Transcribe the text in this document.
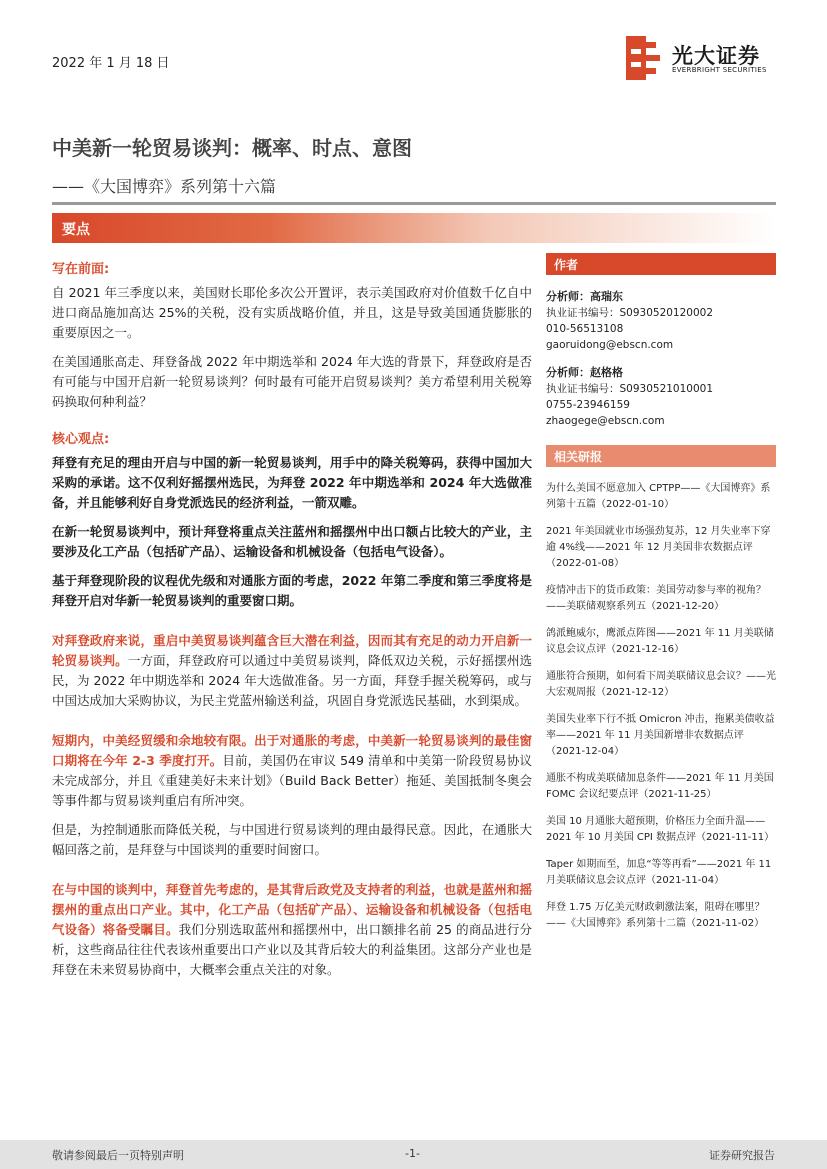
2022 年 1 月 18 日	光大证券
EVERBRIGHT SECURITIES
中美新一轮贸易谈判：概率、时点、意图
——《大国博弈》系列第十六篇
要点
写在前面:

自 2021 年三季度以来，美国财长耶伦多次公开置评，表示美国政府对价值数千亿自中进口商品施加高达 25%的关税，没有实质战略价值，并且，这是导致美国通货膨胀的重要原因之一。

在美国通胀高走、拜登备战 2022 年中期选举和 2024 年大选的背景下，拜登政府是否有可能与中国开启新一轮贸易谈判？何时最有可能开启贸易谈判？美方希望利用关税筹码换取何种利益？

核心观点:

拜登有充足的理由开启与中国的新一轮贸易谈判，用手中的降关税筹码，获得中国加大采购的承诺。这不仅利好摇摆州选民，为拜登 2022 年中期选举和 2024 年大选做准备，并且能够利好自身党派选民的经济利益，一箭双雕。

在新一轮贸易谈判中，预计拜登将重点关注蓝州和摇摆州中出口额占比较大的产业，主要涉及化工产品（包括矿产品）、运输设备和机械设备（包括电气设备）。

基于拜登现阶段的议程优先级和对通胀方面的考虑，2022 年第二季度和第三季度将是拜登开启对华新一轮贸易谈判的重要窗口期。

对拜登政府来说，重启中美贸易谈判蕴含巨大潜在利益，因而其有充足的动力开启新一轮贸易谈判。一方面，拜登政府可以通过中美贸易谈判，降低双边关税，示好摇摆州选民，为 2022 年中期选举和 2024 年大选做准备。另一方面，拜登手握关税筹码，或与中国达成加大采购协议，为民主党蓝州输送利益，巩固自身党派选民基础，水到渠成。

短期内，中美经贸缓和余地较有限。出于对通胀的考虑，中美新一轮贸易谈判的最佳窗口期将在今年 2-3 季度打开。目前，美国仍在审议 549 清单和中美第一阶段贸易协议未完成部分，并且《重建美好未来计划》（Build Back Better）拖延、美国抵制冬奥会等事件都与贸易谈判重启有所冲突。

但是，为控制通胀而降低关税，与中国进行贸易谈判的理由最得民意。因此，在通胀大幅回落之前，是拜登与中国谈判的重要时间窗口。

在与中国的谈判中，拜登首先考虑的，是其背后政党及支持者的利益，也就是蓝州和摇摆州的重点出口产业。其中，化工产品（包括矿产品）、运输设备和机械设备（包括电气设备）将备受瞩目。我们分别选取蓝州和摇摆州中，出口额排名前 25 的商品进行分析，这些商品往往代表该州重要出口产业以及其背后较大的利益集团。这部分产业也是拜登在未来贸易协商中，大概率会重点关注的对象。

作者
分析师：高瑞东
执业证书编号：S0930520120002
010-56513108
gaoruidong@ebscn.com
分析师：赵格格
执业证书编号：S0930521010001
0755-23946159
zhaogege@ebscn.com
相关研报
为什么美国不愿意加入 CPTPP——《大国博弈》系列第十五篇（2022-01-10）
2021 年美国就业市场强劲复苏，12 月失业率下穿逾 4%线——2021 年 12 月美国非农数据点评（2022-01-08）
疫情冲击下的货币政策：美国劳动参与率的视角？——美联储观察系列五（2021-12-20）
鸽派鲍威尔，鹰派点阵图——2021 年 11 月美联储议息会议点评（2021-12-16）
通胀符合预期，如何看下周美联储议息会议？——光大宏观周报（2021-12-12）
美国失业率下行不抵 Omicron 冲击，拖累美债收益率——2021 年 11 月美国新增非农数据点评（2021-12-04）
通胀不构成美联储加息条件——2021 年 11 月美国 FOMC 会议纪要点评（2021-11-25）
美国 10 月通胀大超预期，价格压力全面升温——2021 年 10 月美国 CPI 数据点评（2021-11-11）
Taper 如期而至，加息“等等再看”——2021 年 11 月美联储议息会议点评（2021-11-04）
拜登 1.75 万亿美元财政刺激法案，阻碍在哪里？——《大国博弈》系列第十二篇（2021-11-02）
敬请参阅最后一页特别声明	-1-	证券研究报告
